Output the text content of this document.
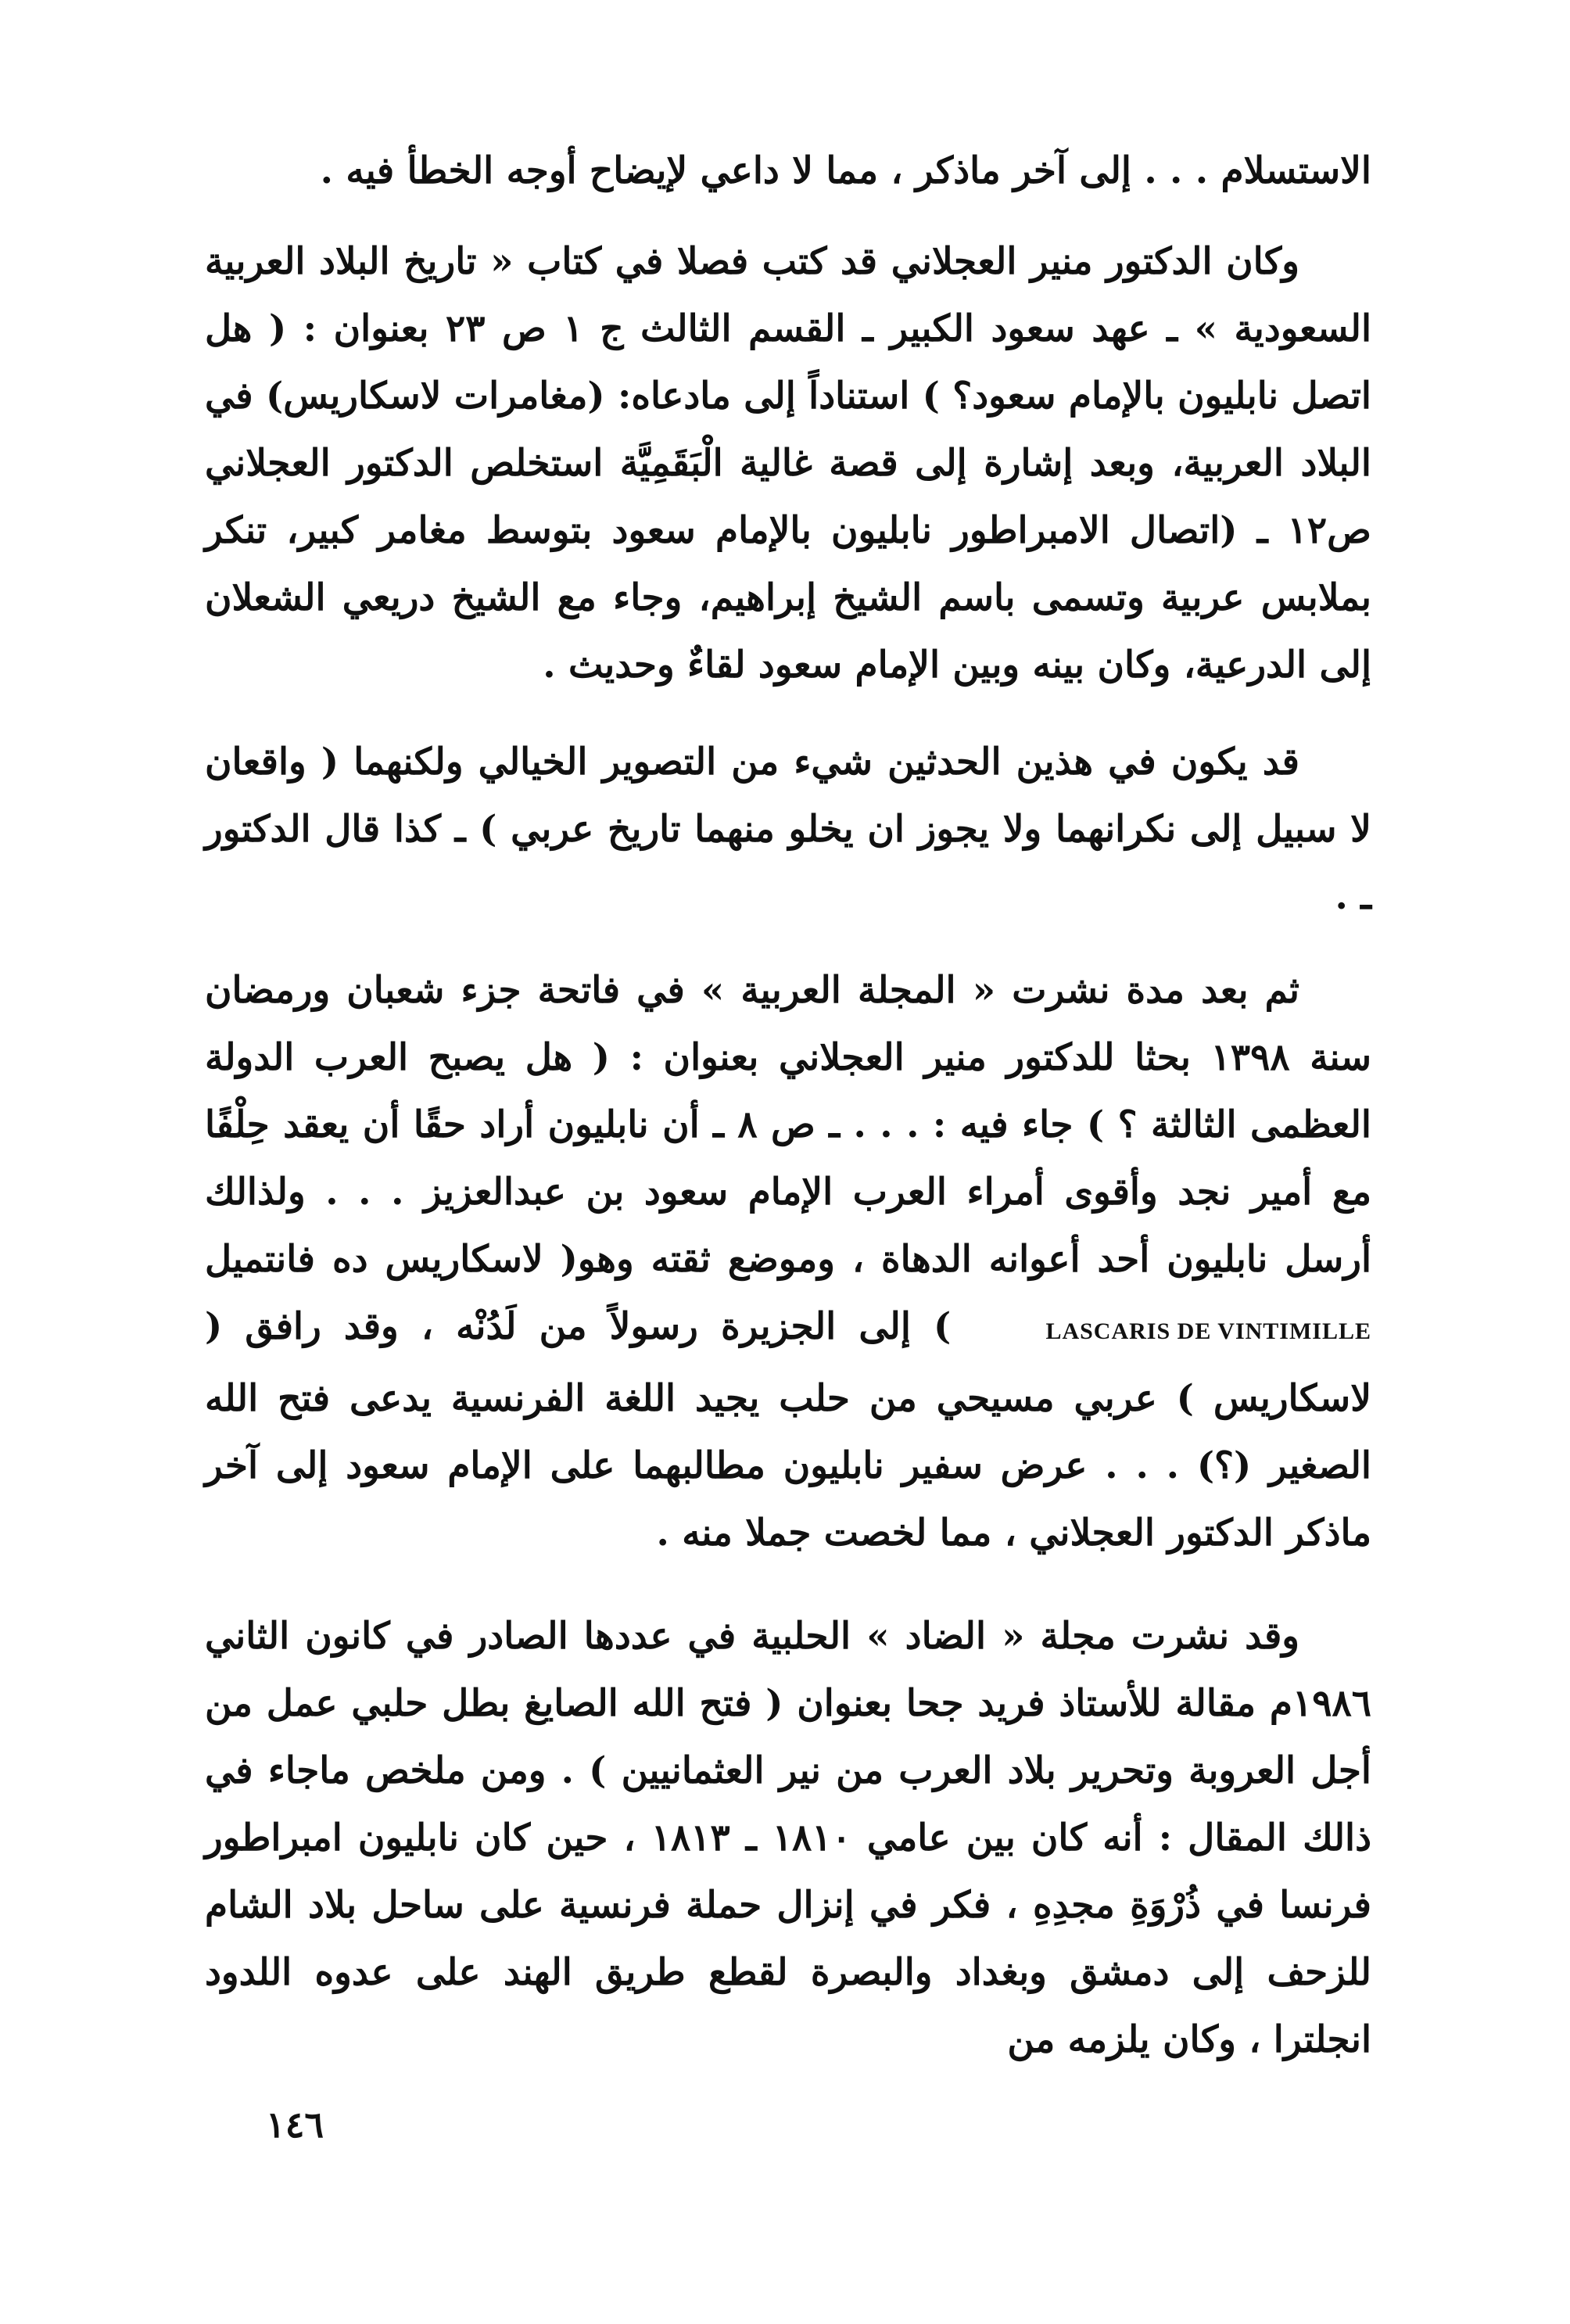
الاستسلام . . . إلى آخر ماذكر ، مما لا داعي لإيضاح أوجه الخطأ فيه .

وكان الدكتور منير العجلاني قد كتب فصلا في كتاب « تاريخ البلاد العربية السعودية » ـ عهد سعود الكبير ـ القسم الثالث ج ١ ص ٢٣ بعنوان : ( هل اتصل نابليون بالإمام سعود؟ ) استناداً إلى مادعاه: (مغامرات لاسكاريس) في البلاد العربية، وبعد إشارة إلى قصة غالية الْبَقَمِيَّة استخلص الدكتور العجلاني ص١٢ ـ (اتصال الامبراطور نابليون بالإمام سعود بتوسط مغامر كبير، تنكر بملابس عربية وتسمى باسم الشيخ إبراهيم، وجاء مع الشيخ دريعي الشعلان إلى الدرعية، وكان بينه وبين الإمام سعود لقاءٌ وحديث .

قد يكون في هذين الحدثين شيء من التصوير الخيالي ولكنهما ( واقعان لا سبيل إلى نكرانهما ولا يجوز ان يخلو منهما تاريخ عربي ) ـ كذا قال الدكتور ـ .

ثم بعد مدة نشرت « المجلة العربية » في فاتحة جزء شعبان ورمضان سنة ١٣٩٨ بحثا للدكتور منير العجلاني بعنوان : ( هل يصبح العرب الدولة العظمى الثالثة ؟ ) جاء فيه : . . . ـ ص ٨ ـ أن نابليون أراد حقًا أن يعقد حِلْفًا مع أمير نجد وأقوى أمراء العرب الإمام سعود بن عبدالعزيز . . . ولذالك أرسل نابليون أحد أعوانه الدهاة ، وموضع ثقته وهو( لاسكاريس ده فانتميل LASCARIS DE VINTIMILLE ) إلى الجزيرة رسولاً من لَدُنْه ، وقد رافق ( لاسكاريس ) عربي مسيحي من حلب يجيد اللغة الفرنسية يدعى فتح الله الصغير (؟) . . . عرض سفير نابليون مطالبهما على الإمام سعود إلى آخر ماذكر الدكتور العجلاني ، مما لخصت جملا منه .

وقد نشرت مجلة « الضاد » الحلبية في عددها الصادر في كانون الثاني ١٩٨٦م مقالة للأستاذ فريد جحا بعنوان ( فتح الله الصايغ بطل حلبي عمل من أجل العروبة وتحرير بلاد العرب من نير العثمانيين ) . ومن ملخص ماجاء في ذالك المقال : أنه كان بين عامي ١٨١٠ ـ ١٨١٣ ، حين كان نابليون امبراطور فرنسا في ذُرْوَةِ مجدِهِ ، فكر في إنزال حملة فرنسية على ساحل بلاد الشام للزحف إلى دمشق وبغداد والبصرة لقطع طريق الهند على عدوه اللدود انجلترا ، وكان يلزمه من

١٤٦
